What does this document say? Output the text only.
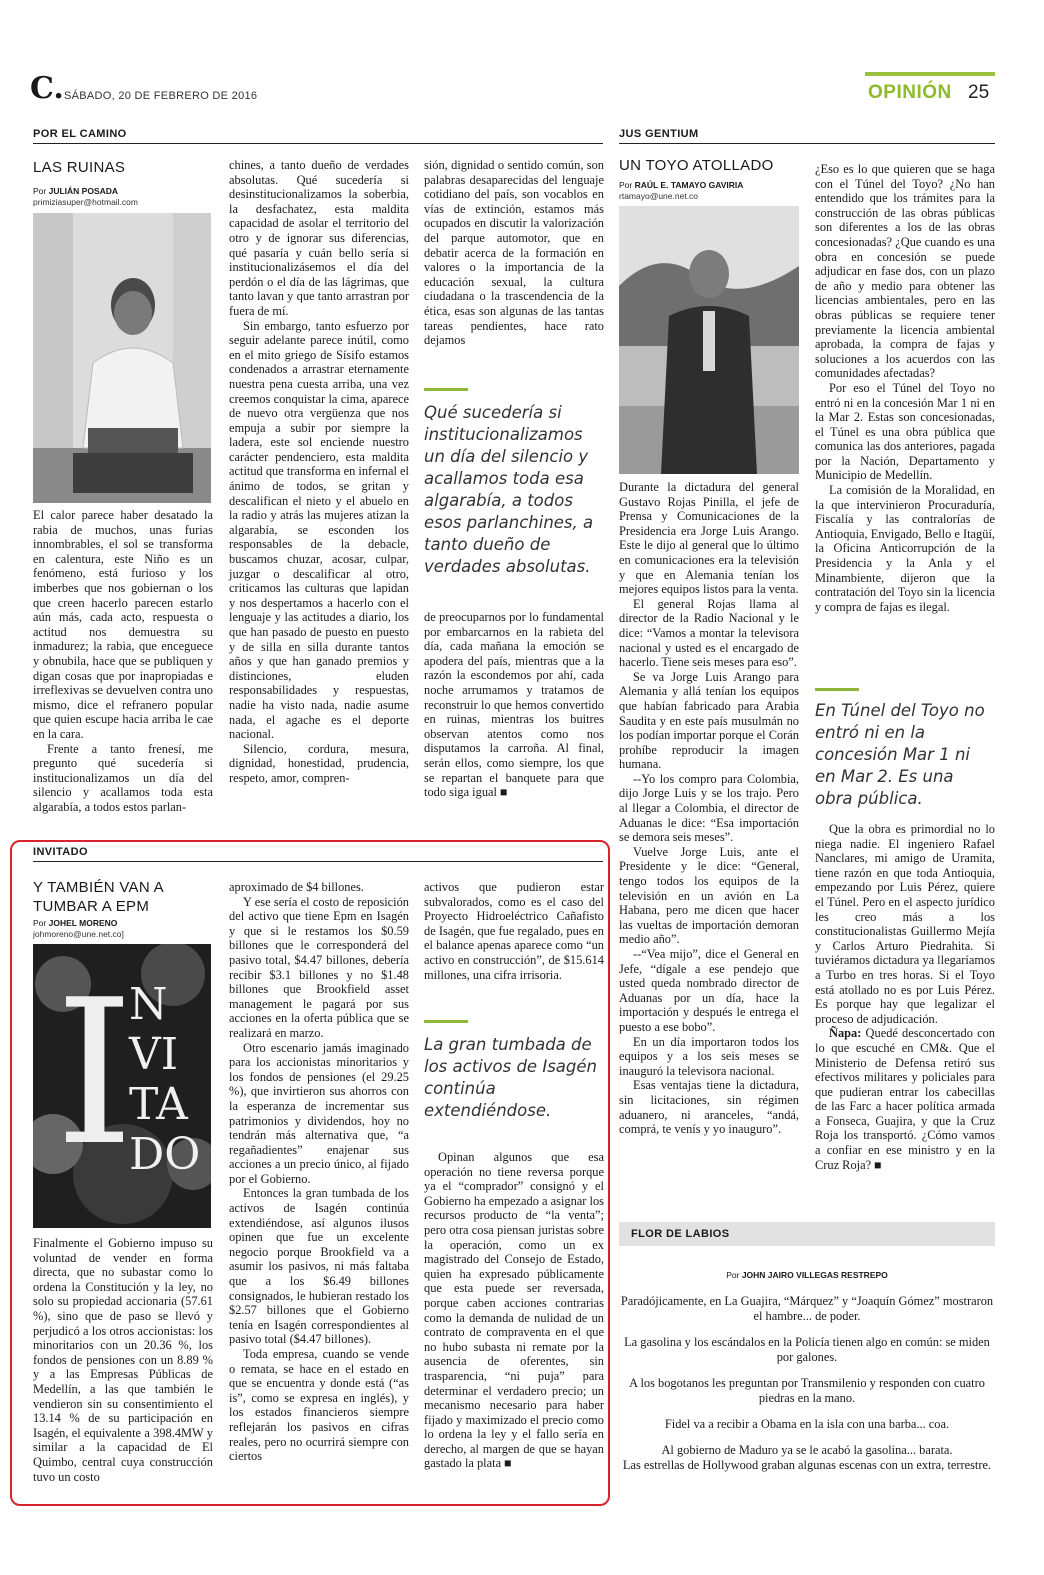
C. SÁBADO, 20 DE FEBRERO DE 2016	OPINIÓN 25
POR EL CAMINO
LAS RUINAS
Por JULIÁN POSADA
primiziasuper@hotmail.com

El calor parece haber desatado la rabia de muchos, unas furias innombrables, el sol se transforma en calentura, este Niño es un fenómeno, está furioso y los imberbes que nos gobiernan o los que creen hacerlo parecen estarlo aún más, cada acto, respuesta o actitud nos demuestra su inmadurez; la rabia, que enceguece y obnubila, hace que se publiquen y digan cosas que por inapropiadas e irreflexivas se devuelven contra uno mismo, dice el refranero popular que quien escupe hacia arriba le cae en la cara.

Frente a tanto frenesí, me pregunto qué sucedería si institucionalizamos un día del silencio y acallamos toda esta algarabía, a todos estos parlan-

chines, a tanto dueño de verdades absolutas. Qué sucedería si desinstitucionalizamos la soberbia, la desfachatez, esta maldita capacidad de asolar el territorio del otro y de ignorar sus diferencias, qué pasaría y cuán bello sería si institucionalizásemos el día del perdón o el día de las lágrimas, que tanto lavan y que tanto arrastran por fuera de mí.

Sin embargo, tanto esfuerzo por seguir adelante parece inútil, como en el mito griego de Sísifo estamos condenados a arrastrar eternamente nuestra pena cuesta arriba, una vez creemos conquistar la cima, aparece de nuevo otra vergüenza que nos empuja a subir por siempre la ladera, este sol enciende nuestro carácter pendenciero, esta maldita actitud que transforma en infernal el ánimo de todos, se gritan y descalifican el nieto y el abuelo en la radio y atrás las mujeres atizan la algarabía, se esconden los responsables de la debacle, buscamos chuzar, acosar, culpar, juzgar o descalificar al otro, criticamos las culturas que lapidan y nos despertamos a hacerlo con el lenguaje y las actitudes a diario, los que han pasado de puesto en puesto y de silla en silla durante tantos años y que han ganado premios y distinciones, eluden responsabilidades y respuestas, nadie ha visto nada, nadie asume nada, el agache es el deporte nacional.

Silencio, cordura, mesura, dignidad, honestidad, prudencia, respeto, amor, compren-

sión, dignidad o sentido común, son palabras desaparecidas del lenguaje cotidiano del país, son vocablos en vías de extinción, estamos más ocupados en discutir la valorización del parque automotor, que en debatir acerca de la formación en valores o la importancia de la educación sexual, la cultura ciudadana o la trascendencia de la ética, esas son algunas de las tantas tareas pendientes, hace rato dejamos

Qué sucedería si institucionalizamos un día del silencio y acallamos toda esa algarabía, a todos esos parlanchines, a tanto dueño de verdades absolutas.

de preocuparnos por lo fundamental por embarcarnos en la rabieta del día, cada mañana la emoción se apodera del país, mientras que a la razón la escondemos por ahí, cada noche arrumamos y tratamos de reconstruir lo que hemos convertido en ruinas, mientras los buitres observan atentos como nos disputamos la carroña. Al final, serán ellos, como siempre, los que se repartan el banquete para que todo siga igual ■

JUS GENTIUM
UN TOYO ATOLLADO
Por RAÚL E. TAMAYO GAVIRIA
rtamayo@une.net.co

Durante la dictadura del general Gustavo Rojas Pinilla, el jefe de Prensa y Comunicaciones de la Presidencia era Jorge Luis Arango. Este le dijo al general que lo último en comunicaciones era la televisión y que en Alemania tenían los mejores equipos listos para la venta.

El general Rojas llama al director de la Radio Nacional y le dice: “Vamos a montar la televisora nacional y usted es el encargado de hacerlo. Tiene seis meses para eso”.

Se va Jorge Luis Arango para Alemania y allá tenían los equipos que habían fabricado para Arabia Saudita y en este país musulmán no los podían importar porque el Corán prohíbe reproducir la imagen humana.

--Yo los compro para Colombia, dijo Jorge Luis y se los trajo. Pero al llegar a Colombia, el director de Aduanas le dice: “Esa importación se demora seis meses”.

Vuelve Jorge Luis, ante el Presidente y le dice: “General, tengo todos los equipos de la televisión en un avión en La Habana, pero me dicen que hacer las vueltas de importación demoran medio año”.

--“Vea mijo”, dice el General en Jefe, “dígale a ese pendejo que usted queda nombrado director de Aduanas por un día, hace la importación y después le entrega el puesto a ese bobo”.

En un día importaron todos los equipos y a los seis meses se inauguró la televisora nacional.

Esas ventajas tiene la dictadura, sin licitaciones, sin régimen aduanero, ni aranceles, “andá, comprá, te venís y yo inauguro”.

¿Eso es lo que quieren que se haga con el Túnel del Toyo? ¿No han entendido que los trámites para la construcción de las obras públicas son diferentes a los de las obras concesionadas? ¿Que cuando es una obra en concesión se puede adjudicar en fase dos, con un plazo de año y medio para obtener las licencias ambientales, pero en las obras públicas se requiere tener previamente la licencia ambiental aprobada, la compra de fajas y soluciones a los acuerdos con las comunidades afectadas?

Por eso el Túnel del Toyo no entró ni en la concesión Mar 1 ni en la Mar 2. Estas son concesionadas, el Túnel es una obra pública que comunica las dos anteriores, pagada por la Nación, Departamento y Municipio de Medellín.

La comisión de la Moralidad, en la que intervinieron Procuraduría, Fiscalía y las contralorías de Antioquia, Envigado, Bello e Itagüí, la Oficina Anticorrupción de la Presidencia y la Anla y el Minambiente, dijeron que la contratación del Toyo sin la licencia y compra de fajas es ilegal.

En Túnel del Toyo no entró ni en la concesión Mar 1 ni en Mar 2. Es una obra pública.

Que la obra es primordial no lo niega nadie. El ingeniero Rafael Nanclares, mi amigo de Uramita, tiene razón en que toda Antioquia, empezando por Luis Pérez, quiere el Túnel. Pero en el aspecto jurídico les creo más a los constitucionalistas Guillermo Mejía y Carlos Arturo Piedrahita. Si tuviéramos dictadura ya llegaríamos a Turbo en tres horas. Si el Toyo está atollado no es por Luis Pérez. Es porque hay que legalizar el proceso de adjudicación.

Ñapa: Quedé desconcertado con lo que escuché en CM&. Que el Ministerio de Defensa retiró sus efectivos militares y policiales para que pudieran entrar los cabecillas de las Farc a hacer política armada a Fonseca, Guajira, y que la Cruz Roja los transportó. ¿Cómo vamos a confiar en ese ministro y en la Cruz Roja? ■

INVITADO
Y TAMBIÉN VAN A
TUMBAR A EPM
Por JOHEL MORENO
johmoreno@une.net.co]
I
N
VI
TA
DO

Finalmente el Gobierno impuso su voluntad de vender en forma directa, que no subastar como lo ordena la Constitución y la ley, no solo su propiedad accionaria (57.61 %), sino que de paso se llevó y perjudicó a los otros accionistas: los minoritarios con un 20.36 %, los fondos de pensiones con un 8.89 % y a las Empresas Públicas de Medellín, a las que también le vendieron sin su consentimiento el 13.14 % de su participación en Isagén, el equivalente a 398.4MW y similar a la capacidad de El Quimbo, central cuya construcción tuvo un costo

aproximado de $4 billones.

Y ese sería el costo de reposición del activo que tiene Epm en Isagén y que si le restamos los $0.59 billones que le corresponderá del pasivo total, $4.47 billones, debería recibir $3.1 billones y no $1.48 billones que Brookfield asset management le pagará por sus acciones en la oferta pública que se realizará en marzo.

Otro escenario jamás imaginado para los accionistas minoritarios y los fondos de pensiones (el 29.25 %), que invirtieron sus ahorros con la esperanza de incrementar sus patrimonios y dividendos, hoy no tendrán más alternativa que, “a regañadientes” enajenar sus acciones a un precio único, al fijado por el Gobierno.

Entonces la gran tumbada de los activos de Isagén continúa extendiéndose, así algunos ilusos opinen que fue un excelente negocio porque Brookfield va a asumir los pasivos, ni más faltaba que a los $6.49 billones consignados, le hubieran restado los $2.57 billones que el Gobierno tenía en Isagén correspondientes al pasivo total ($4.47 billones).

Toda empresa, cuando se vende o remata, se hace en el estado en que se encuentra y donde está (“as is”, como se expresa en inglés), y los estados financieros siempre reflejarán los pasivos en cifras reales, pero no ocurrirá siempre con ciertos

activos que pudieron estar subvalorados, como es el caso del Proyecto Hidroeléctrico Cañafisto de Isagén, que fue regalado, pues en el balance apenas aparece como “un activo en construcción”, de $15.614 millones, una cifra irrisoria.

La gran tumbada de los activos de Isagén continúa extendiéndose.

Opinan algunos que esa operación no tiene reversa porque ya el “comprador” consignó y el Gobierno ha empezado a asignar los recursos producto de “la venta”; pero otra cosa piensan juristas sobre la operación, como un ex magistrado del Consejo de Estado, quien ha expresado públicamente que esta puede ser reversada, porque caben acciones contrarias como la demanda de nulidad de un contrato de compraventa en el que no hubo subasta ni remate por la ausencia de oferentes, sin trasparencia, “ni puja” para determinar el verdadero precio; un mecanismo necesario para haber fijado y maximizado el precio como lo ordena la ley y el fallo sería en derecho, al margen de que se hayan gastado la plata ■

FLOR DE LABIOS
Por JOHN JAIRO VILLEGAS RESTREPO

Paradójicamente, en La Guajira, “Márquez” y “Joaquín Gómez” mostraron el hambre... de poder.

La gasolina y los escándalos en la Policía tienen algo en común: se miden por galones.

A los bogotanos les preguntan por Transmilenio y responden con cuatro piedras en la mano.

Fidel va a recibir a Obama en la isla con una barba... coa.

Al gobierno de Maduro ya se le acabó la gasolina... barata.

Las estrellas de Hollywood graban algunas escenas con un extra, terrestre.
